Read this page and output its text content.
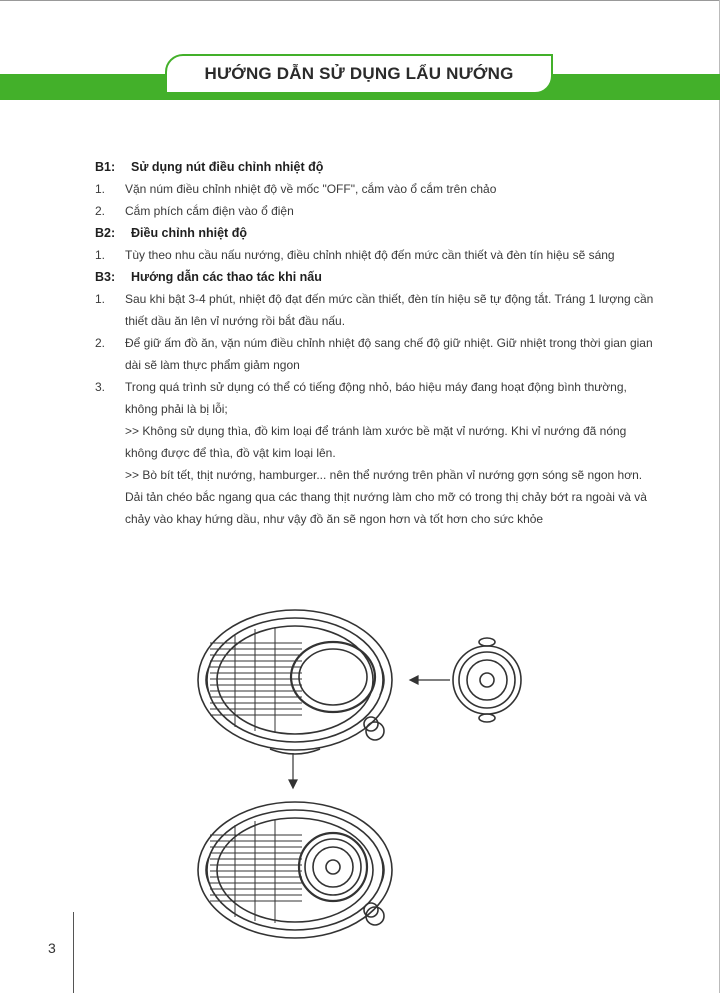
HƯỚNG DẪN SỬ DỤNG LẨU NƯỚNG
B1:	Sử dụng nút điều chỉnh nhiệt độ
1.	Vặn núm điều chỉnh nhiệt độ về mốc "OFF", cắm vào ổ cắm trên chảo
2.	Cắm phích cắm điện vào ổ điện
B2:	Điều chỉnh nhiệt độ
1.	Tùy theo nhu cầu nấu nướng, điều chỉnh nhiệt độ đến mức cần thiết và đèn tín hiệu sẽ sáng
B3:	Hướng dẫn các thao tác khi nấu
1.	Sau khi bật 3-4 phút, nhiệt độ đạt đến mức cần thiết, đèn tín hiệu sẽ tự động tắt. Tráng 1 lượng cần thiết dầu ăn lên vỉ nướng rồi bắt đầu nấu.
2.	Để giữ ấm đồ ăn, vặn núm điều chỉnh nhiệt độ sang chế độ giữ nhiệt. Giữ nhiệt trong thời gian gian dài sẽ làm thực phẩm giảm ngon
3.	Trong quá trình sử dụng có thể có tiếng động nhỏ, báo hiệu máy đang hoạt động bình thường, không phải là bị lỗi;
>> Không sử dụng thìa, đồ kim loại để tránh làm xước bề mặt vỉ nướng. Khi vỉ nướng đã nóng không được để thìa, đồ vật kim loại lên.
>> Bò bít tết, thịt nướng, hamburger... nên thể nướng trên phần vỉ nướng gợn sóng sẽ ngon hơn. Dải tản chéo bắc ngang qua các thang thịt nướng làm cho mỡ có trong thị chảy bớt ra ngoài và và chảy vào khay hứng dầu, như vậy đồ ăn sẽ ngon hơn và tốt hơn cho sức khỏe
3
